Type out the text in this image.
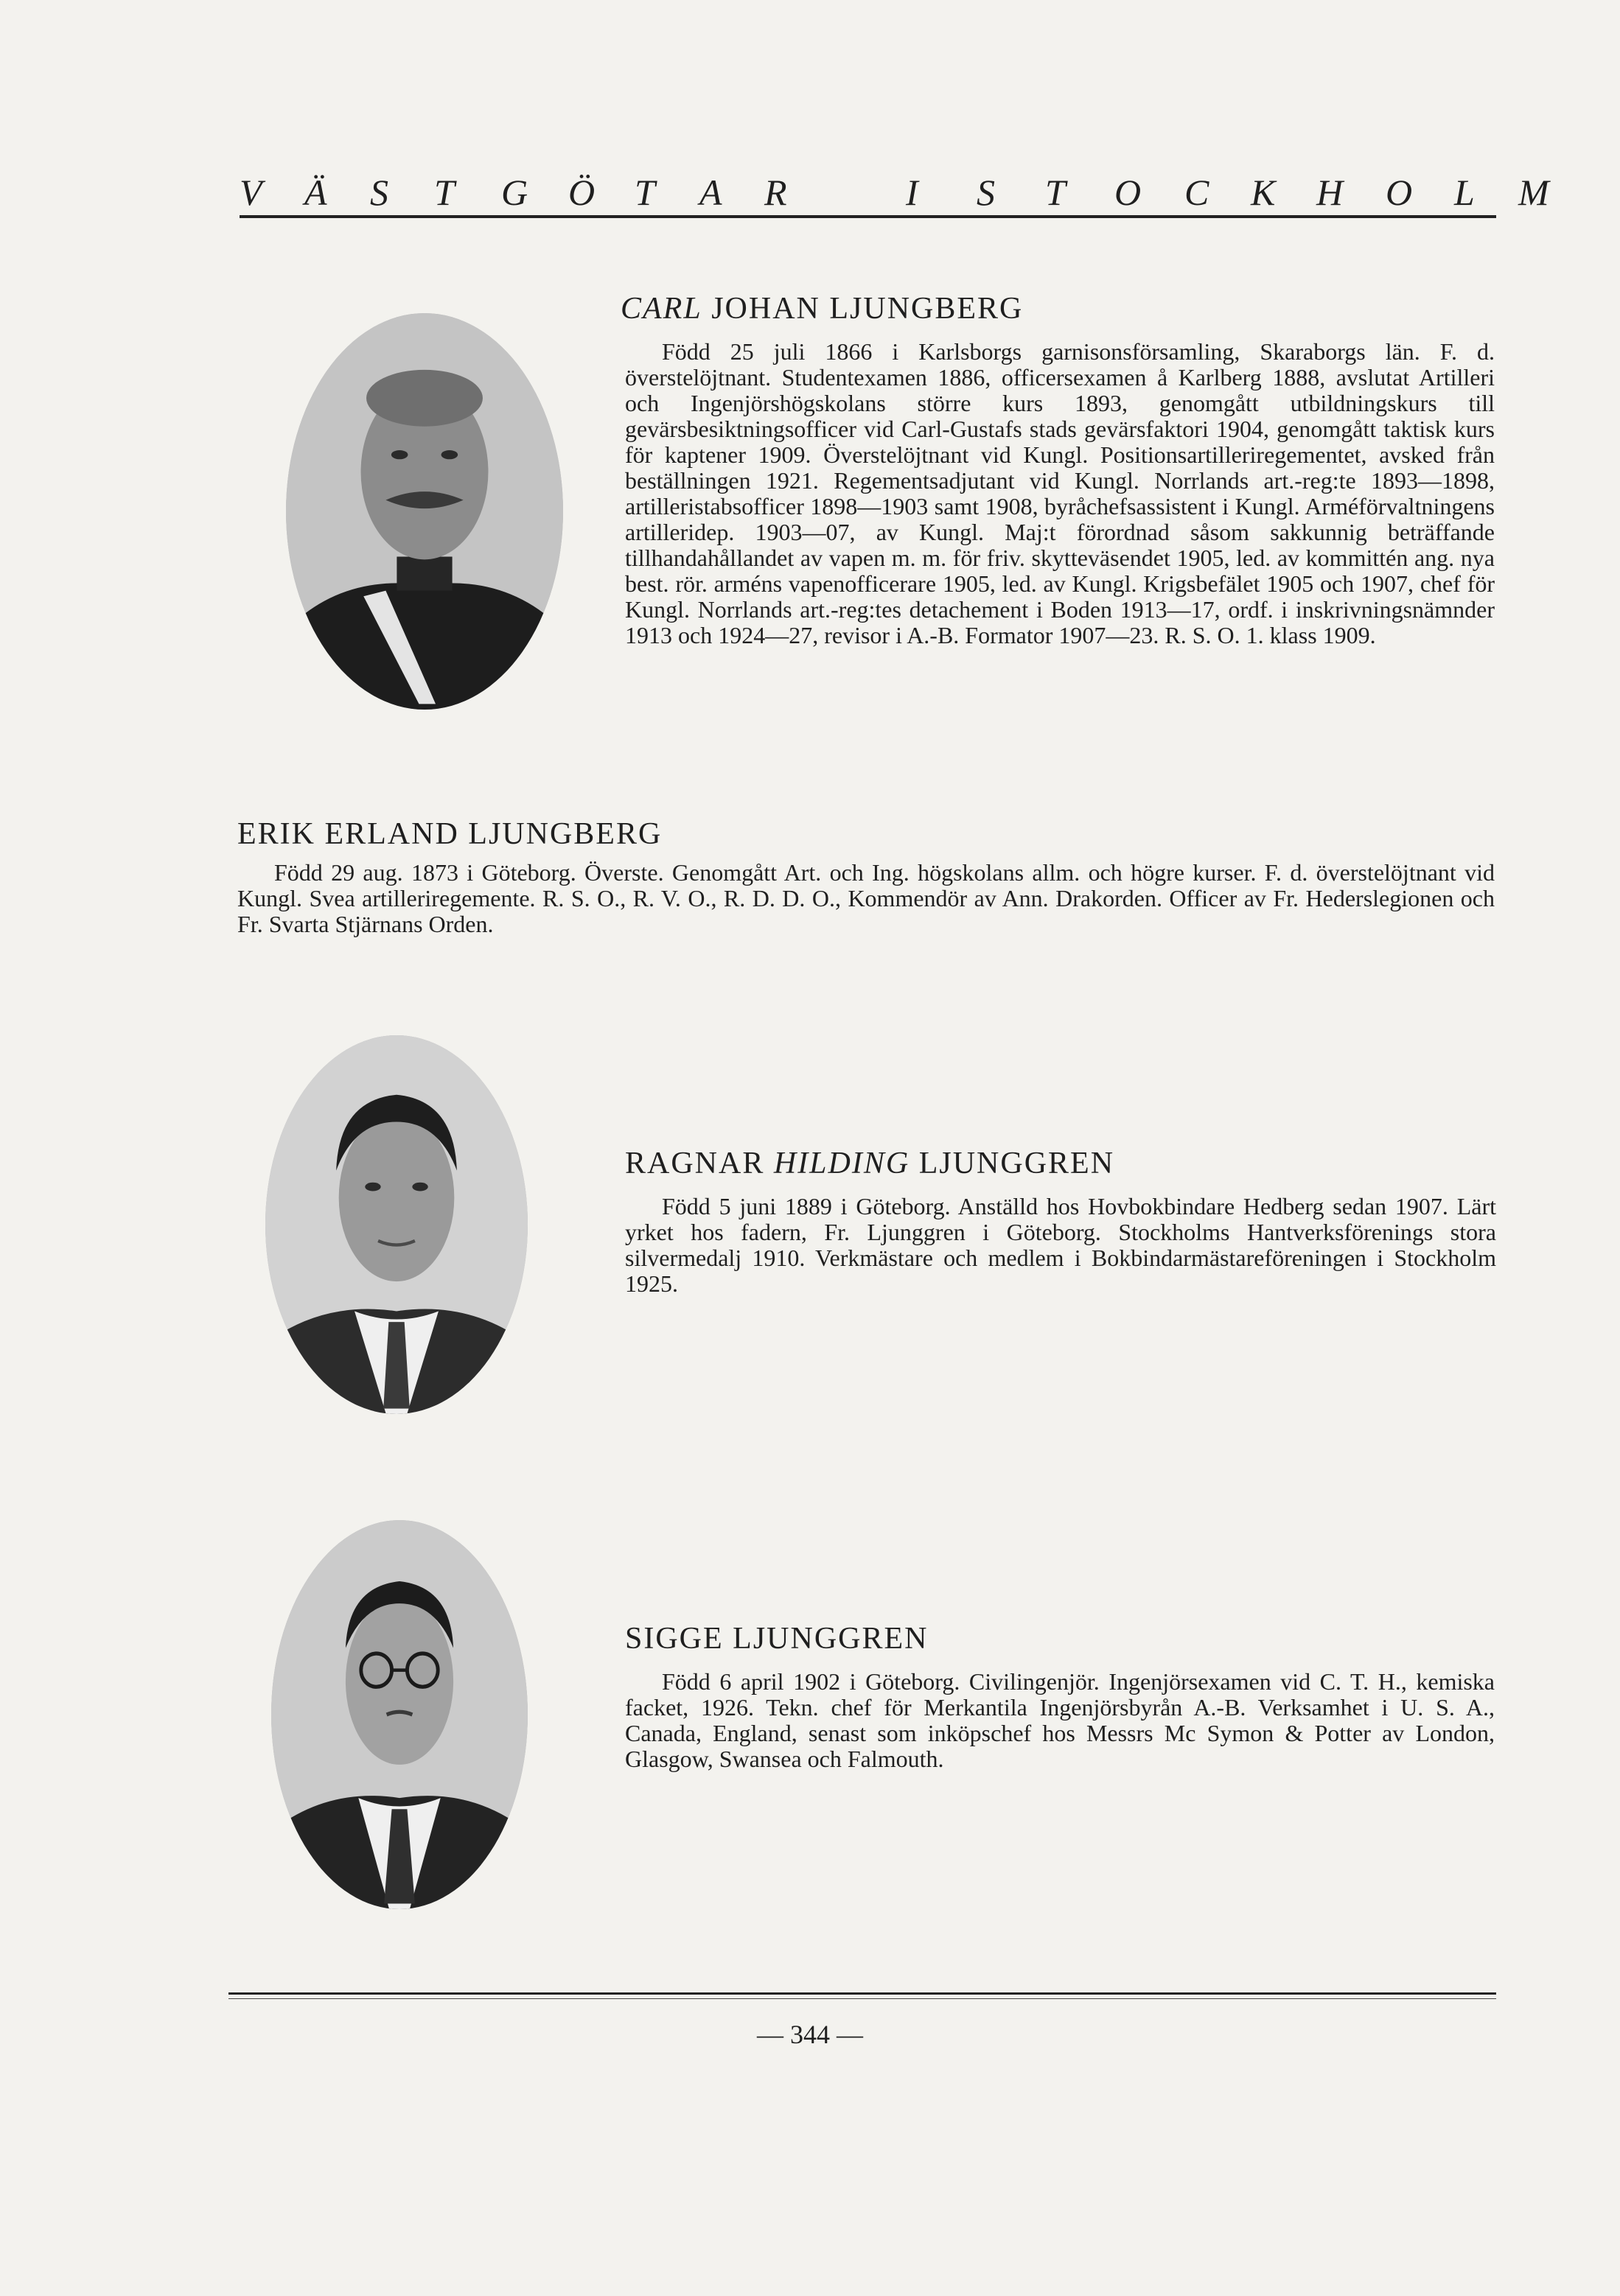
V Ä S T G Ö T A R	I S T O C K H O L M
CARL JOHAN LJUNGBERG

Född 25 juli 1866 i Karlsborgs garnisonsförsamling, Skaraborgs län. F. d. överstelöjtnant. Studentexamen 1886, officersexamen å Karlberg 1888, avslutat Artilleri och Ingenjörshögskolans större kurs 1893, genomgått utbildningskurs till gevärsbesiktningsofficer vid Carl-Gustafs stads gevärsfaktori 1904, genomgått taktisk kurs för kaptener 1909. Överstelöjtnant vid Kungl. Positionsartilleriregementet, avsked från beställningen 1921. Regementsadjutant vid Kungl. Norrlands art.-reg:te 1893—1898, artilleristabsofficer 1898—1903 samt 1908, byråchefsassistent i Kungl. Arméförvaltningens artilleridep. 1903—07, av Kungl. Maj:t förordnad såsom sakkunnig beträffande tillhandahållandet av vapen m. m. för friv. skytteväsendet 1905, led. av kommittén ang. nya best. rör. arméns vapenofficerare 1905, led. av Kungl. Krigsbefälet 1905 och 1907, chef för Kungl. Norrlands art.-reg:tes detachement i Boden 1913—17, ordf. i inskrivningsnämnder 1913 och 1924—27, revisor i A.-B. Formator 1907—23. R. S. O. 1. klass 1909.

ERIK ERLAND LJUNGBERG

Född 29 aug. 1873 i Göteborg. Överste. Genomgått Art. och Ing. högskolans allm. och högre kurser. F. d. överstelöjtnant vid Kungl. Svea artilleriregemente. R. S. O., R. V. O., R. D. D. O., Kommendör av Ann. Drakorden. Officer av Fr. Hederslegionen och Fr. Svarta Stjärnans Orden.

RAGNAR HILDING LJUNGGREN

Född 5 juni 1889 i Göteborg. Anställd hos Hovbokbindare Hedberg sedan 1907. Lärt yrket hos fadern, Fr. Ljunggren i Göteborg. Stockholms Hantverksförenings stora silvermedalj 1910. Verkmästare och medlem i Bokbindarmästareföreningen i Stockholm 1925.

SIGGE LJUNGGREN

Född 6 april 1902 i Göteborg. Civilingenjör. Ingenjörsexamen vid C. T. H., kemiska facket, 1926. Tekn. chef för Merkantila Ingenjörsbyrån A.-B. Verksamhet i U. S. A., Canada, England, senast som inköpschef hos Messrs Mc Symon & Potter av London, Glasgow, Swansea och Falmouth.

— 344 —
